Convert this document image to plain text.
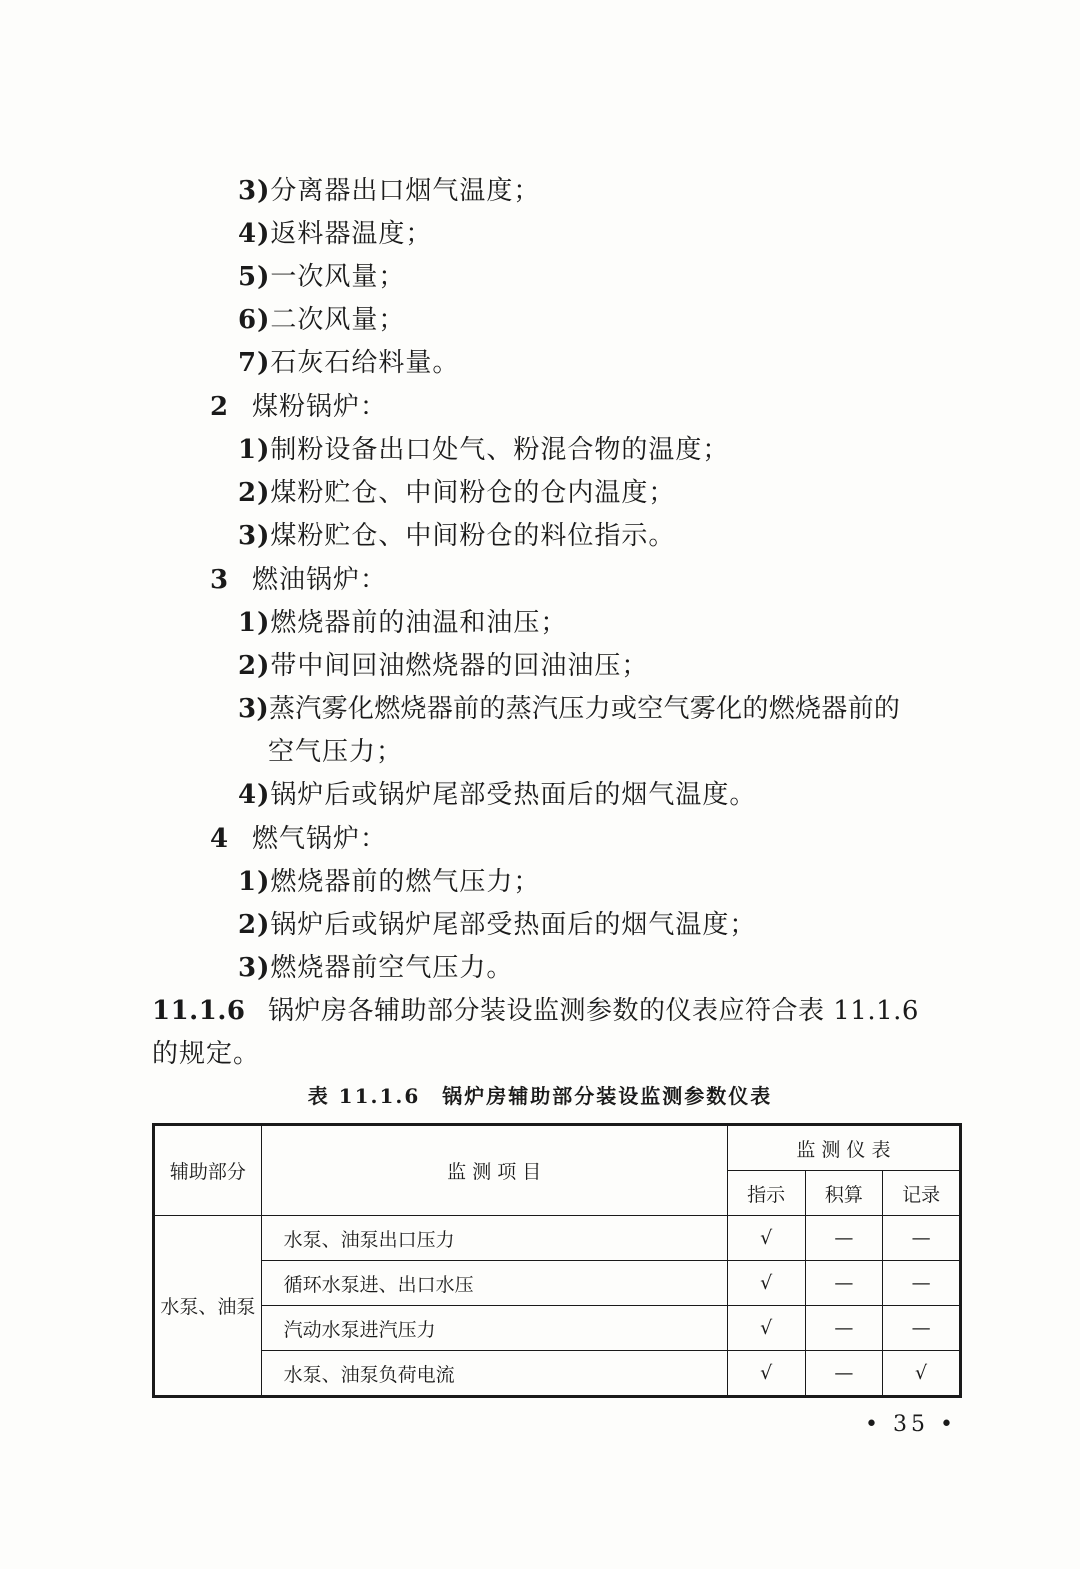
3)分离器出口烟气温度；
4)返料器温度；
5)一次风量；
6)二次风量；
7)石灰石给料量。
2 煤粉锅炉：
1)制粉设备出口处气、粉混合物的温度；
2)煤粉贮仓、中间粉仓的仓内温度；
3)煤粉贮仓、中间粉仓的料位指示。
3 燃油锅炉：
1)燃烧器前的油温和油压；
2)带中间回油燃烧器的回油油压；
3)蒸汽雾化燃烧器前的蒸汽压力或空气雾化的燃烧器前的
空气压力；
4)锅炉后或锅炉尾部受热面后的烟气温度。
4 燃气锅炉：
1)燃烧器前的燃气压力；
2)锅炉后或锅炉尾部受热面后的烟气温度；
3)燃烧器前空气压力。
11.1.6 锅炉房各辅助部分装设监测参数的仪表应符合表 11.1.6
的规定。
表 11.1.6　锅炉房辅助部分装设监测参数仪表
辅助部分	监 测 项 目	监 测 仪 表		
		指示	积算	记录
水泵、油泵	水泵、油泵出口压力	√	—	—
	循环水泵进、出口水压	√	—	—
	汽动水泵进汽压力	√	—	—
	水泵、油泵负荷电流	√	—	√
• 35 •
